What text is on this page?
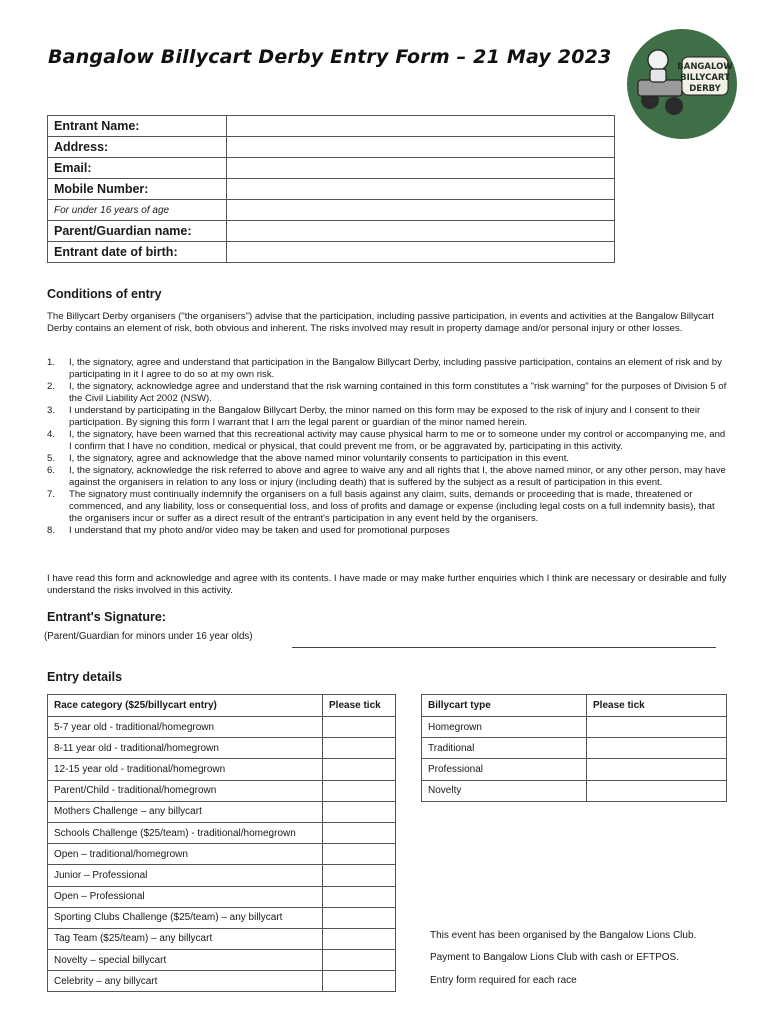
Bangalow Billycart Derby Entry Form – 21 May 2023	BANGALOW
BILLYCART
DERBY
Entrant Name:	
Address:	
Email:	
Mobile Number:	
For under 16 years of age	
Parent/Guardian name:	
Entrant date of birth:	
Conditions of entry
The Billycart Derby organisers ("the organisers") advise that the participation, including passive participation, in events and activities at the Bangalow Billycart Derby contains an element of risk, both obvious and inherent. The risks involved may result in property damage and/or personal injury or other losses.
1. I, the signatory, agree and understand that participation in the Bangalow Billycart Derby, including passive participation, contains an element of risk and by participating in it I agree to do so at my own risk.
2. I, the signatory, acknowledge agree and understand that the risk warning contained in this form constitutes a "risk warning" for the purposes of Division 5 of the Civil Liability Act 2002 (NSW).
3. I understand by participating in the Bangalow Billycart Derby, the minor named on this form may be exposed to the risk of injury and I consent to their participation. By signing this form I warrant that I am the legal parent or guardian of the minor named herein.
4. I, the signatory, have been warned that this recreational activity may cause physical harm to me or to someone under my control or accompanying me, and I confirm that I have no condition, medical or physical, that could prevent me from, or be aggravated by, participating in this activity.
5. I, the signatory, agree and acknowledge that the above named minor voluntarily consents to participation in this event.
6. I, the signatory, acknowledge the risk referred to above and agree to waive any and all rights that I, the above named minor, or any other person, may have against the organisers in relation to any loss or injury (including death) that is suffered by the subject as a result of participation in this event.
7. The signatory must continually indemnify the organisers on a full basis against any claim, suits, demands or proceeding that is made, threatened or commenced, and any liability, loss or consequential loss, and loss of profits and damage or expense (including legal costs on a full indemnity basis), that the organisers incur or suffer as a direct result of the entrant's participation in any event held by the organisers.
8. I understand that my photo and/or video may be taken and used for promotional purposes
I have read this form and acknowledge and agree with its contents. I have made or may make further enquiries which I think are necessary or desirable and fully understand the risks involved in this activity.
Entrant's Signature:
(Parent/Guardian for minors under 16 year olds)
Entry details
Race category ($25/billycart entry)	Please tick
5-7 year old - traditional/homegrown	
8-11 year old - traditional/homegrown	
12-15 year old - traditional/homegrown	
Parent/Child - traditional/homegrown	
Mothers Challenge – any billycart	
Schools Challenge ($25/team) - traditional/homegrown	
Open – traditional/homegrown	
Junior – Professional	
Open – Professional	
Sporting Clubs Challenge ($25/team) – any billycart	
Tag Team ($25/team) – any billycart	
Novelty – special billycart	
Celebrity – any billycart	
Billycart type	Please tick
Homegrown	
Traditional	
Professional	
Novelty	
This event has been organised by the Bangalow Lions Club.
Payment to Bangalow Lions Club with cash or EFTPOS.
Entry form required for each race
